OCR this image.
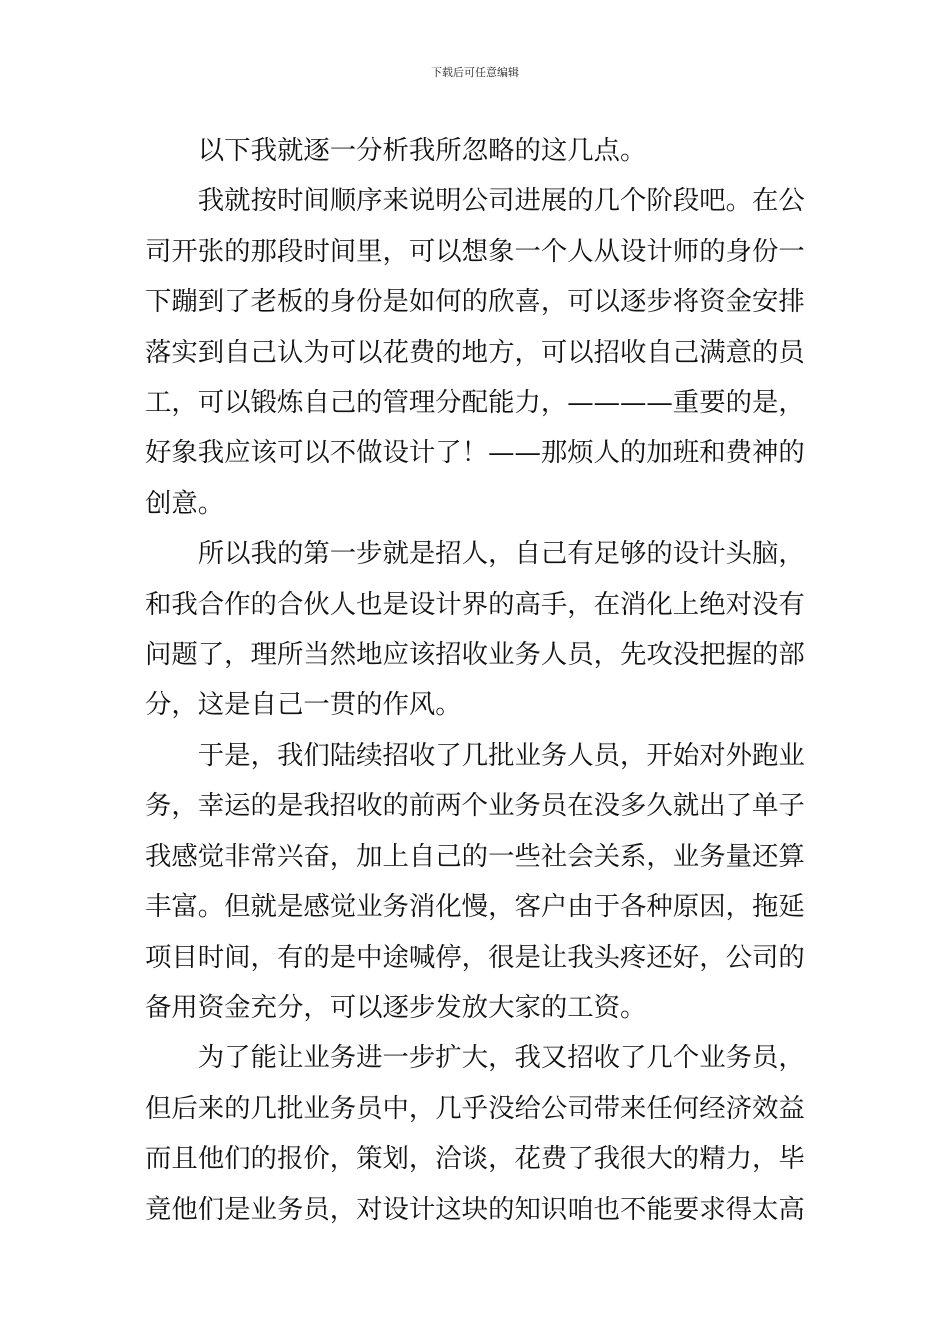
下载后可任意编辑

以下我就逐一分析我所忽略的这几点。

我就按时间顺序来说明公司进展的几个阶段吧。在公

司开张的那段时间里，可以想象一个人从设计师的身份一

下蹦到了老板的身份是如何的欣喜，可以逐步将资金安排

落实到自己认为可以花费的地方，可以招收自己满意的员

工，可以锻炼自己的管理分配能力，————重要的是，

好象我应该可以不做设计了！——那烦人的加班和费神的

创意。

所以我的第一步就是招人，自己有足够的设计头脑，

和我合作的合伙人也是设计界的高手，在消化上绝对没有

问题了，理所当然地应该招收业务人员，先攻没把握的部

分，这是自己一贯的作风。

于是，我们陆续招收了几批业务人员，开始对外跑业

务，幸运的是我招收的前两个业务员在没多久就出了单子

我感觉非常兴奋，加上自己的一些社会关系，业务量还算

丰富。但就是感觉业务消化慢，客户由于各种原因，拖延

项目时间，有的是中途喊停，很是让我头疼还好，公司的

备用资金充分，可以逐步发放大家的工资。

为了能让业务进一步扩大，我又招收了几个业务员，

但后来的几批业务员中，几乎没给公司带来任何经济效益

而且他们的报价，策划，洽谈，花费了我很大的精力，毕

竟他们是业务员，对设计这块的知识咱也不能要求得太高
